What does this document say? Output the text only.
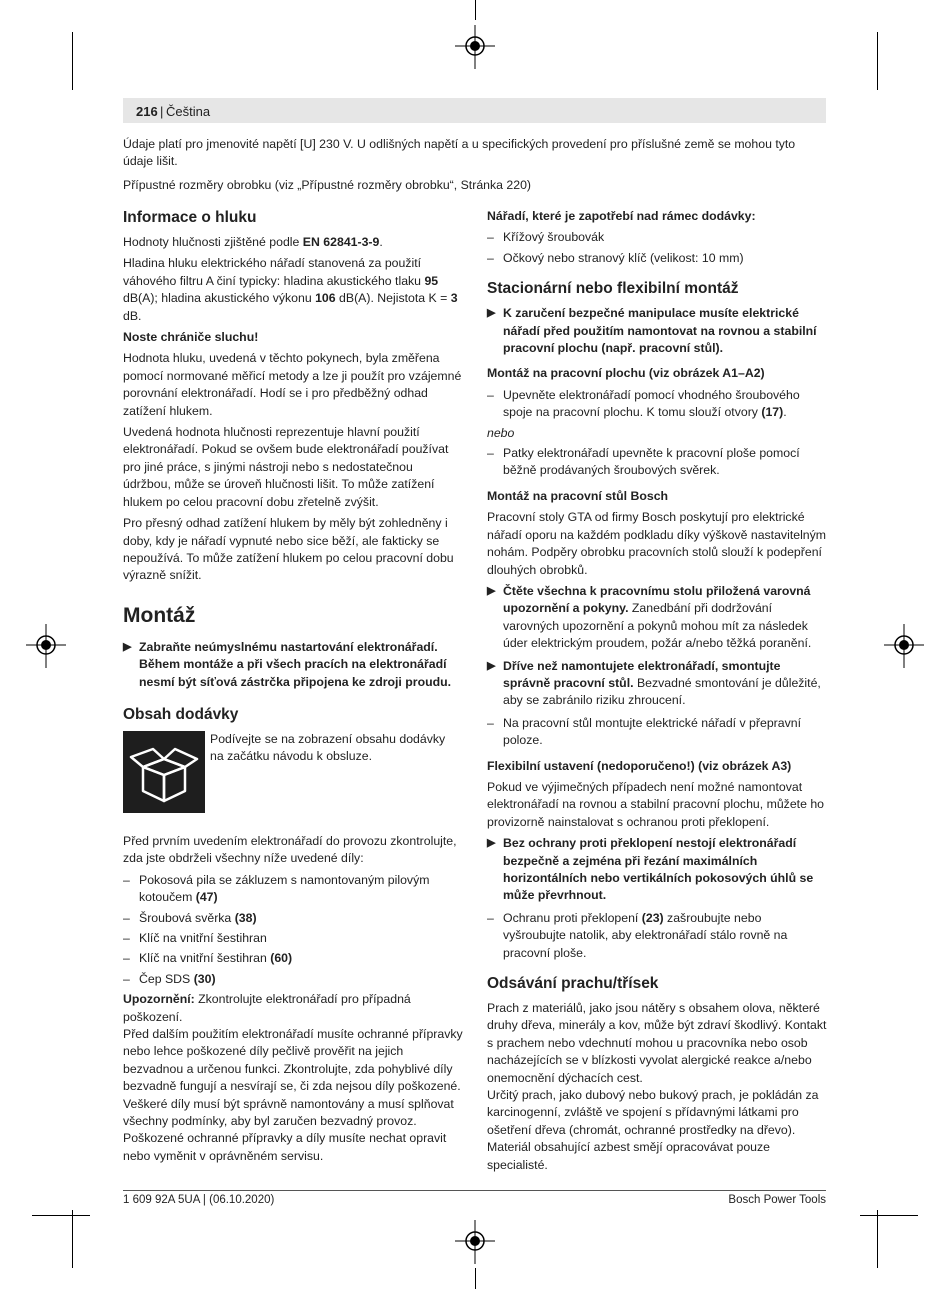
216 | Čeština
Údaje platí pro jmenovité napětí [U] 230 V. U odlišných napětí a u specifických provedení pro příslušné země se mohou tyto údaje lišit.
Přípustné rozměry obrobku (viz „Přípustné rozměry obrobku“, Stránka 220)
Informace o hluku

Hodnoty hlučnosti zjištěné podle EN 62841-3-9.

Hladina hluku elektrického nářadí stanovená za použití váhového filtru A činí typicky: hladina akustického tlaku 95 dB(A); hladina akustického výkonu 106 dB(A). Nejistota K = 3 dB.

Noste chrániče sluchu!

Hodnota hluku, uvedená v těchto pokynech, byla změřena pomocí normované měřicí metody a lze ji použít pro vzájemné porovnání elektronářadí. Hodí se i pro předběžný odhad zatížení hlukem.

Uvedená hodnota hlučnosti reprezentuje hlavní použití elektronářadí. Pokud se ovšem bude elektronářadí používat pro jiné práce, s jinými nástroji nebo s nedostatečnou údržbou, může se úroveň hlučnosti lišit. To může zatížení hlukem po celou pracovní dobu zřetelně zvýšit.

Pro přesný odhad zatížení hlukem by měly být zohledněny i doby, kdy je nářadí vypnuté nebo sice běží, ale fakticky se nepoužívá. To může zatížení hlukem po celou pracovní dobu výrazně snížit.

Montáž
▶ Zabraňte neúmyslnému nastartování elektronářadí. Během montáže a při všech pracích na elektronářadí nesmí být síťová zástrčka připojena ke zdroji proudu.
Obsah dodávky
Podívejte se na zobrazení obsahu dodávky na začátku návodu k obsluze.

Před prvním uvedením elektronářadí do provozu zkontrolujte, zda jste obdrželi všechny níže uvedené díly:

– Pokosová pila se zákluzem s namontovaným pilovým kotoučem (47)
– Šroubová svěrka (38)
– Klíč na vnitřní šestihran
– Klíč na vnitřní šestihran (60)
– Čep SDS (30)

Upozornění: Zkontrolujte elektronářadí pro případná poškození.

Před dalším použitím elektronářadí musíte ochranné přípravky nebo lehce poškozené díly pečlivě prověřit na jejich bezvadnou a určenou funkci. Zkontrolujte, zda pohyblivé díly bezvadně fungují a nesvírají se, či zda nejsou díly poškozené. Veškeré díly musí být správně namontovány a musí splňovat všechny podmínky, aby byl zaručen bezvadný provoz.

Poškozené ochranné přípravky a díly musíte nechat opravit nebo vyměnit v oprávněném servisu.

Nářadí, které je zapotřebí nad rámec dodávky:

– Křížový šroubovák
– Očkový nebo stranový klíč (velikost: 10 mm)
Stacionární nebo flexibilní montáž
▶ K zaručení bezpečné manipulace musíte elektrické nářadí před použitím namontovat na rovnou a stabilní pracovní plochu (např. pracovní stůl).

Montáž na pracovní plochu (viz obrázek A1–A2)

– Upevněte elektronářadí pomocí vhodného šroubového spoje na pracovní plochu. K tomu slouží otvory (17).

nebo

– Patky elektronářadí upevněte k pracovní ploše pomocí běžně prodávaných šroubových svěrek.

Montáž na pracovní stůl Bosch

Pracovní stoly GTA od firmy Bosch poskytují pro elektrické nářadí oporu na každém podkladu díky výškově nastavitelným nohám. Podpěry obrobku pracovních stolů slouží k podepření dlouhých obrobků.

▶ Čtěte všechna k pracovnímu stolu přiložená varovná upozornění a pokyny. Zanedbání při dodržování varovných upozornění a pokynů mohou mít za následek úder elektrickým proudem, požár a/nebo těžká poranění.
▶ Dříve než namontujete elektronářadí, smontujte správně pracovní stůl. Bezvadné smontování je důležité, aby se zabránilo riziku zhroucení.
– Na pracovní stůl montujte elektrické nářadí v přepravní poloze.

Flexibilní ustavení (nedoporučeno!) (viz obrázek A3)

Pokud ve výjimečných případech není možné namontovat elektronářadí na rovnou a stabilní pracovní plochu, můžete ho provizorně nainstalovat s ochranou proti překlopení.

▶ Bez ochrany proti překlopení nestojí elektronářadí bezpečně a zejména při řezání maximálních horizontálních nebo vertikálních pokosových úhlů se může převrhnout.
– Ochranu proti překlopení (23) zašroubujte nebo vyšroubujte natolik, aby elektronářadí stálo rovně na pracovní ploše.
Odsávání prachu/třísek

Prach z materiálů, jako jsou nátěry s obsahem olova, některé druhy dřeva, minerály a kov, může být zdraví škodlivý. Kontakt s prachem nebo vdechnutí mohou u pracovníka nebo osob nacházejících se v blízkosti vyvolat alergické reakce a/nebo onemocnění dýchacích cest.

Určitý prach, jako dubový nebo bukový prach, je pokládán za karcinogenní, zvláště ve spojení s přídavnými látkami pro ošetření dřeva (chromát, ochranné prostředky na dřevo). Materiál obsahující azbest smějí opracovávat pouze specialisté.

1 609 92A 5UA | (06.10.2020)	Bosch Power Tools
